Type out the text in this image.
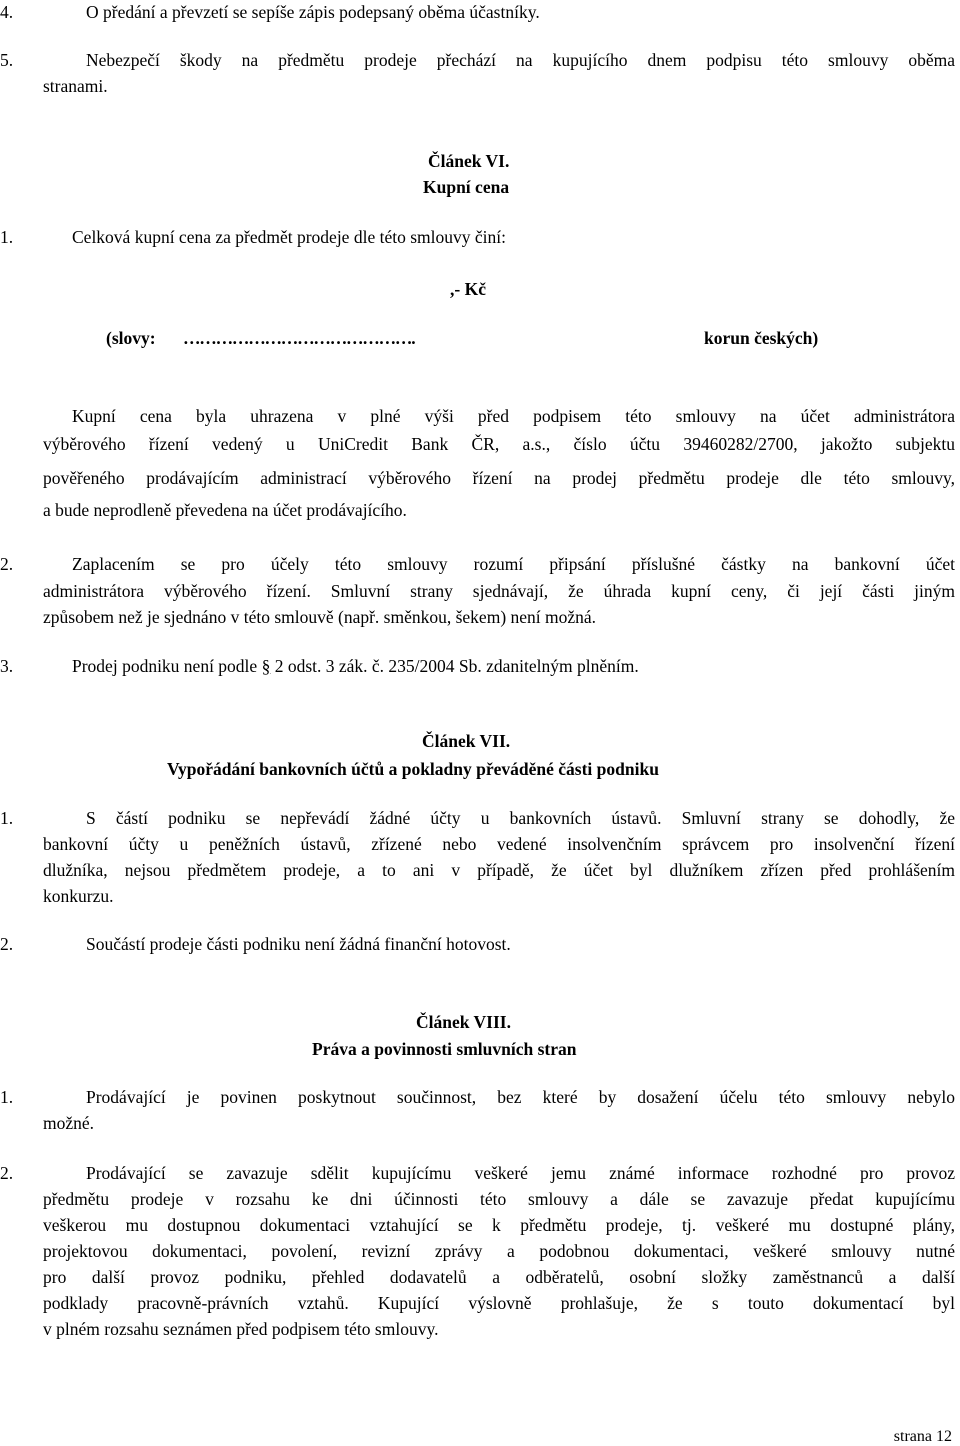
4.	O předání a převzetí se sepíše zápis podepsaný oběma účastníky.
5.	Nebezpečí škody na předmětu prodeje přechází na kupujícího dnem podpisu této smlouvy oběma
stranami.
Článek VI.
Kupní cena
1.	Celková kupní cena za předmět prodeje dle této smlouvy činí:
,- Kč
(slovy: …………………………………….	korun českých)
Kupní cena byla uhrazena v plné výši před podpisem této smlouvy na účet administrátora
výběrového řízení vedený u UniCredit Bank ČR, a.s., číslo účtu 39460282/2700, jakožto subjektu
pověřeného prodávajícím administrací výběrového řízení na prodej předmětu prodeje dle této smlouvy,
a bude neprodleně převedena na účet prodávajícího.
2.	Zaplacením se pro účely této smlouvy rozumí připsání příslušné částky na bankovní účet
administrátora výběrového řízení. Smluvní strany sjednávají, že úhrada kupní ceny, či její části jiným
způsobem než je sjednáno v této smlouvě (např. směnkou, šekem) není možná.
3.	Prodej podniku není podle § 2 odst. 3 zák. č. 235/2004 Sb. zdanitelným plněním.
Článek VII.
Vypořádání bankovních účtů a pokladny převáděné části podniku
1.	S částí podniku se nepřevádí žádné účty u bankovních ústavů. Smluvní strany se dohodly, že
bankovní účty u peněžních ústavů, zřízené nebo vedené insolvenčním správcem pro insolvenční řízení
dlužníka, nejsou předmětem prodeje, a to ani v případě, že účet byl dlužníkem zřízen před prohlášením
konkurzu.
2.	Součástí prodeje části podniku není žádná finanční hotovost.
Článek VIII.
Práva a povinnosti smluvních stran
1.	Prodávající je povinen poskytnout součinnost, bez které by dosažení účelu této smlouvy nebylo
možné.
2.	Prodávající se zavazuje sdělit kupujícímu veškeré jemu známé informace rozhodné pro provoz
předmětu prodeje v rozsahu ke dni účinnosti této smlouvy a dále se zavazuje předat kupujícímu
veškerou mu dostupnou dokumentaci vztahující se k předmětu prodeje, tj. veškeré mu dostupné plány,
projektovou dokumentaci, povolení, revizní zprávy a podobnou dokumentaci, veškeré smlouvy nutné
pro další provoz podniku, přehled dodavatelů a odběratelů, osobní složky zaměstnanců a další
podklady pracovně-právních vztahů. Kupující výslovně prohlašuje, že s touto dokumentací byl
v plném rozsahu seznámen před podpisem této smlouvy.
strana 12
